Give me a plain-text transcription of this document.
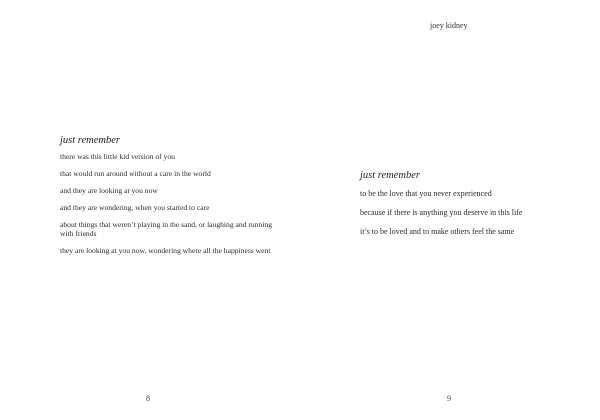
just remember
there was this little kid version of you
that would run around without a care in the world
and they are looking at you now
and they are wondering, when you started to care
about things that weren’t playing in the sand, or laughing and running with friends
they are looking at you now, wondering where all the happiness went
8
joey kidney
just remember
to be the love that you never experienced
because if there is anything you deserve in this life
it’s to be loved and to make others feel the same
9
